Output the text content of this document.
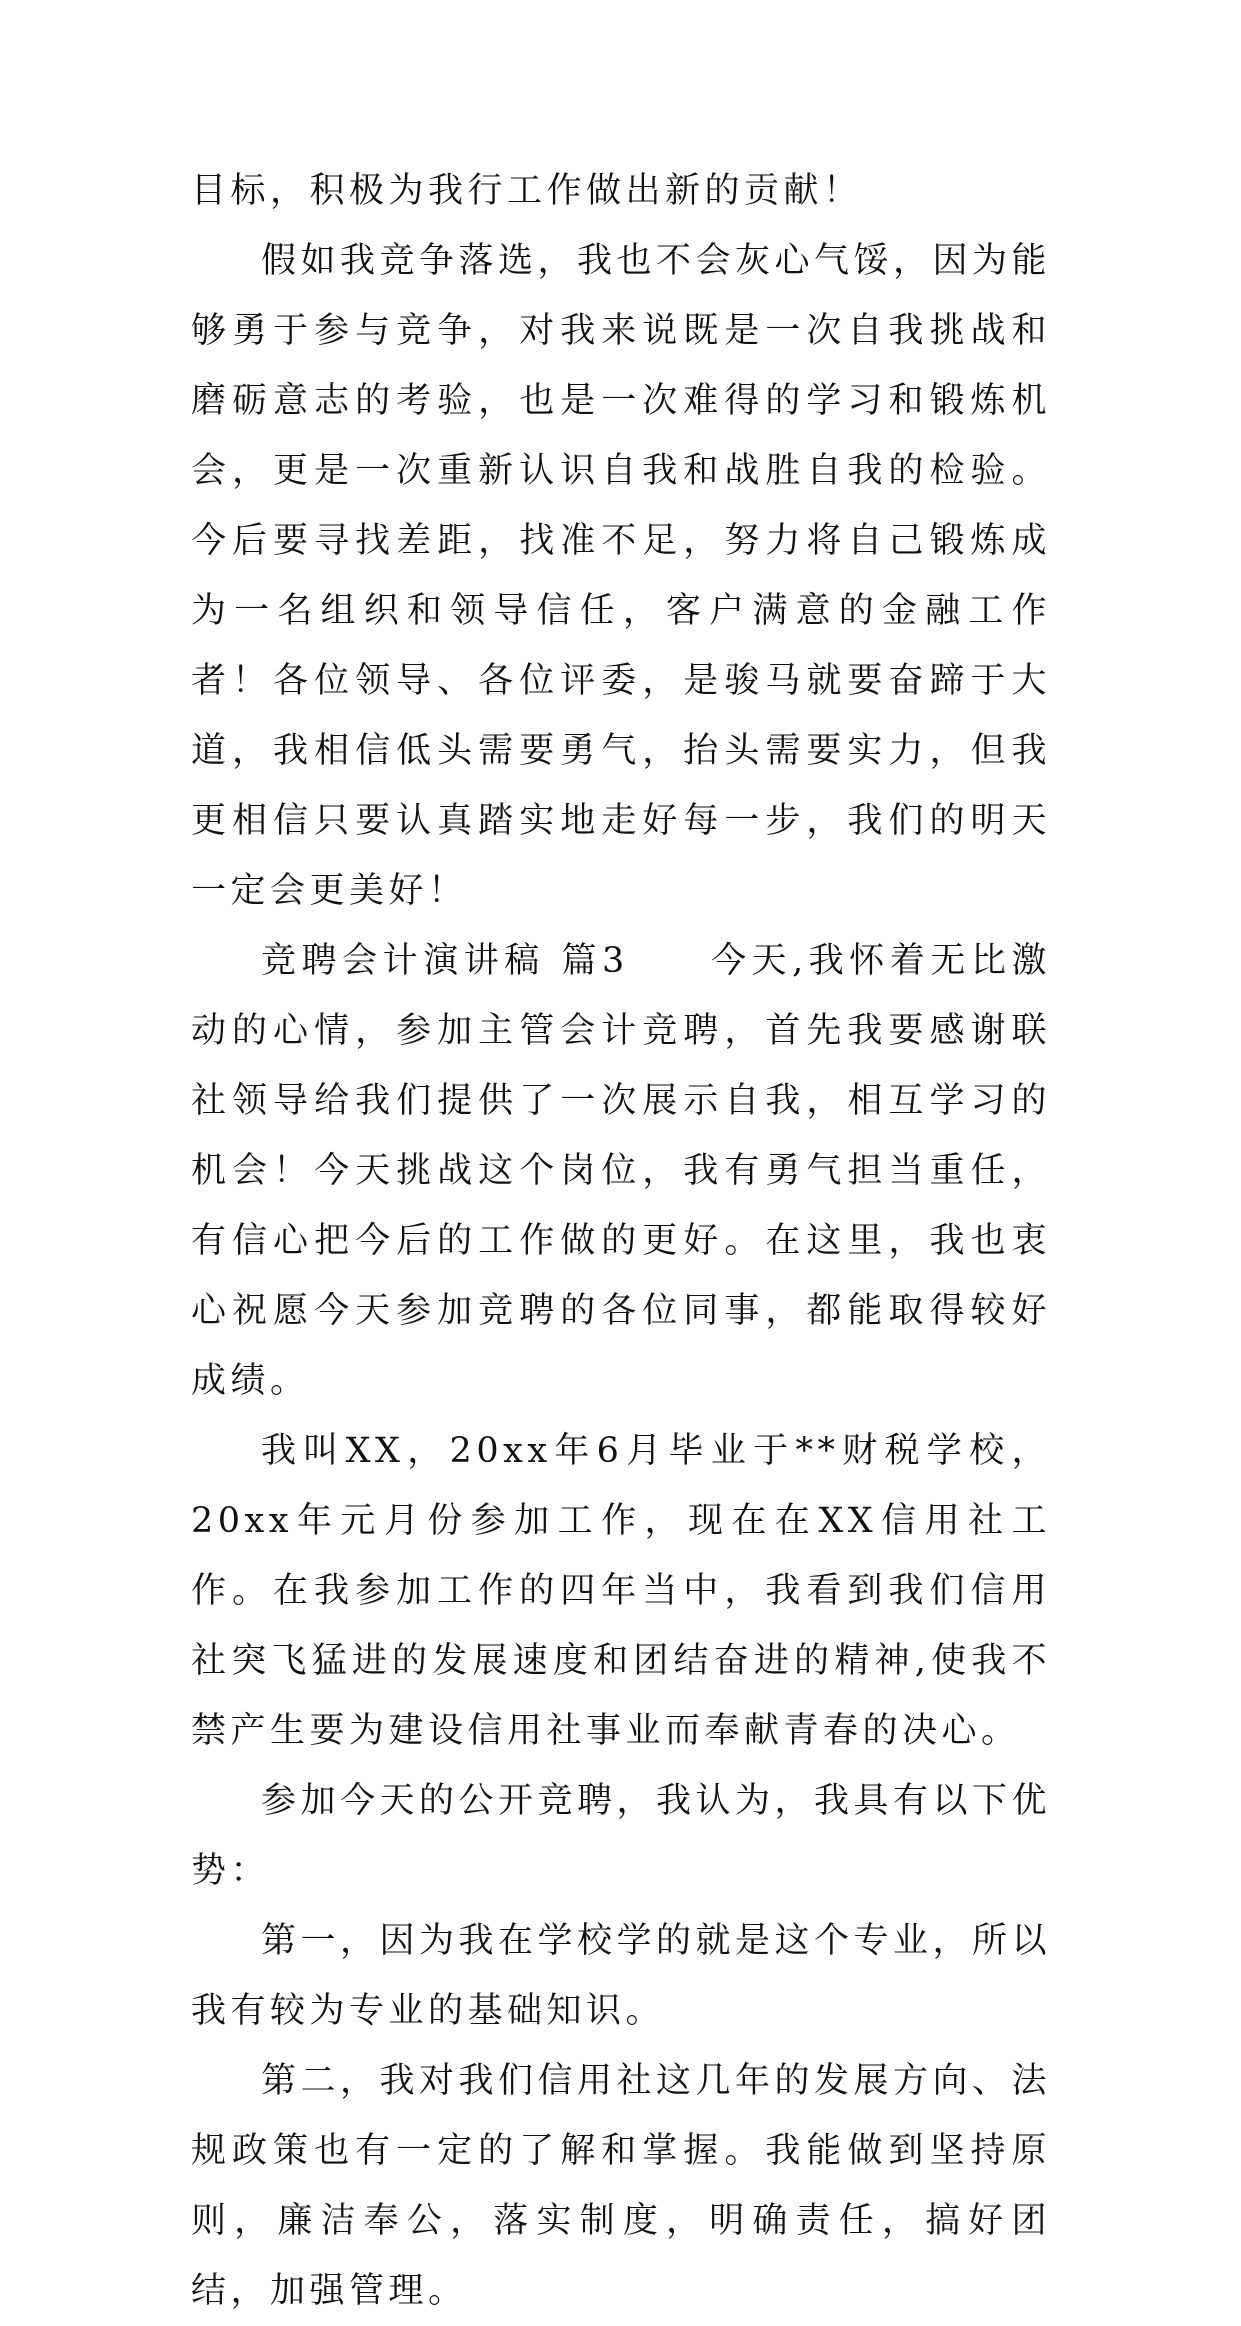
目标，积极为我行工作做出新的贡献！

假如我竞争落选，我也不会灰心气馁，因为能够勇于参与竞争，对我来说既是一次自我挑战和磨砺意志的考验，也是一次难得的学习和锻炼机会，更是一次重新认识自我和战胜自我的检验。今后要寻找差距，找准不足，努力将自己锻炼成为一名组织和领导信任，客户满意的金融工作者！各位领导、各位评委，是骏马就要奋蹄于大道，我相信低头需要勇气，抬头需要实力，但我更相信只要认真踏实地走好每一步，我们的明天一定会更美好！

竞聘会计演讲稿 篇3　　今天,我怀着无比激动的心情，参加主管会计竞聘，首先我要感谢联社领导给我们提供了一次展示自我，相互学习的机会！今天挑战这个岗位，我有勇气担当重任，有信心把今后的工作做的更好。在这里，我也衷心祝愿今天参加竞聘的各位同事，都能取得较好成绩。

我叫XX，20xx年6月毕业于**财税学校，20xx年元月份参加工作，现在在XX信用社工作。在我参加工作的四年当中，我看到我们信用社突飞猛进的发展速度和团结奋进的精神,使我不禁产生要为建设信用社事业而奉献青春的决心。

参加今天的公开竞聘，我认为，我具有以下优势：

第一，因为我在学校学的就是这个专业，所以我有较为专业的基础知识。

第二，我对我们信用社这几年的发展方向、法规政策也有一定的了解和掌握。我能做到坚持原则，廉洁奉公，落实制度，明确责任，搞好团结，加强管理。
